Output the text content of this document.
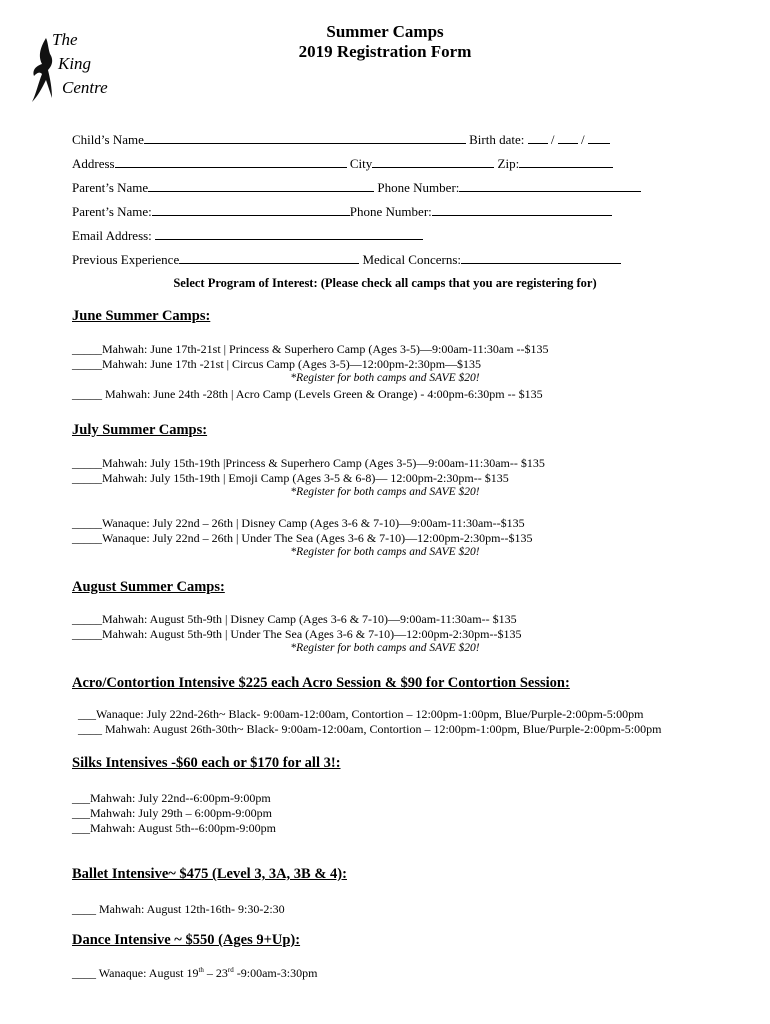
The
King
Centre
Summer Camps
2019 Registration Form
Child’s Name	Birth date: / /
Address	City	Zip:
Parent’s Name	Phone Number:
Parent’s Name:	Phone Number:
Email Address:
Previous Experience	Medical Concerns:
Select Program of Interest: (Please check all camps that you are registering for)
June Summer Camps:
_____Mahwah: June 17th-21st | Princess & Superhero Camp (Ages 3-5)—9:00am-11:30am --$135
_____Mahwah: June 17th -21st | Circus Camp (Ages 3-5)—12:00pm-2:30pm—$135
*Register for both camps and SAVE $20!
_____ Mahwah: June 24th -28th | Acro Camp (Levels Green & Orange) - 4:00pm-6:30pm -- $135
July Summer Camps:
_____Mahwah: July 15th-19th |Princess & Superhero Camp (Ages 3-5)—9:00am-11:30am-- $135
_____Mahwah: July 15th-19th | Emoji Camp (Ages 3-5 & 6-8)— 12:00pm-2:30pm-- $135
*Register for both camps and SAVE $20!
_____Wanaque: July 22nd – 26th | Disney Camp (Ages 3-6 & 7-10)—9:00am-11:30am--$135
_____Wanaque: July 22nd – 26th | Under The Sea (Ages 3-6 & 7-10)—12:00pm-2:30pm--$135
*Register for both camps and SAVE $20!
August Summer Camps:
_____Mahwah: August 5th-9th | Disney Camp (Ages 3-6 & 7-10)—9:00am-11:30am-- $135
_____Mahwah: August 5th-9th | Under The Sea (Ages 3-6 & 7-10)—12:00pm-2:30pm--$135
*Register for both camps and SAVE $20!
Acro/Contortion Intensive $225 each Acro Session & $90 for Contortion Session:
___Wanaque: July 22nd-26th~ Black- 9:00am-12:00am, Contortion – 12:00pm-1:00pm, Blue/Purple-2:00pm-5:00pm
____ Mahwah: August 26th-30th~ Black- 9:00am-12:00am, Contortion – 12:00pm-1:00pm, Blue/Purple-2:00pm-5:00pm
Silks Intensives -$60 each or $170 for all 3!:
___Mahwah: July 22nd--6:00pm-9:00pm
___Mahwah: July 29th – 6:00pm-9:00pm
___Mahwah: August 5th--6:00pm-9:00pm
Ballet Intensive~ $475 (Level 3, 3A, 3B & 4):
____ Mahwah: August 12th-16th- 9:30-2:30
Dance Intensive ~ $550 (Ages 9+Up):
____ Wanaque: August 19th – 23rd -9:00am-3:30pm
